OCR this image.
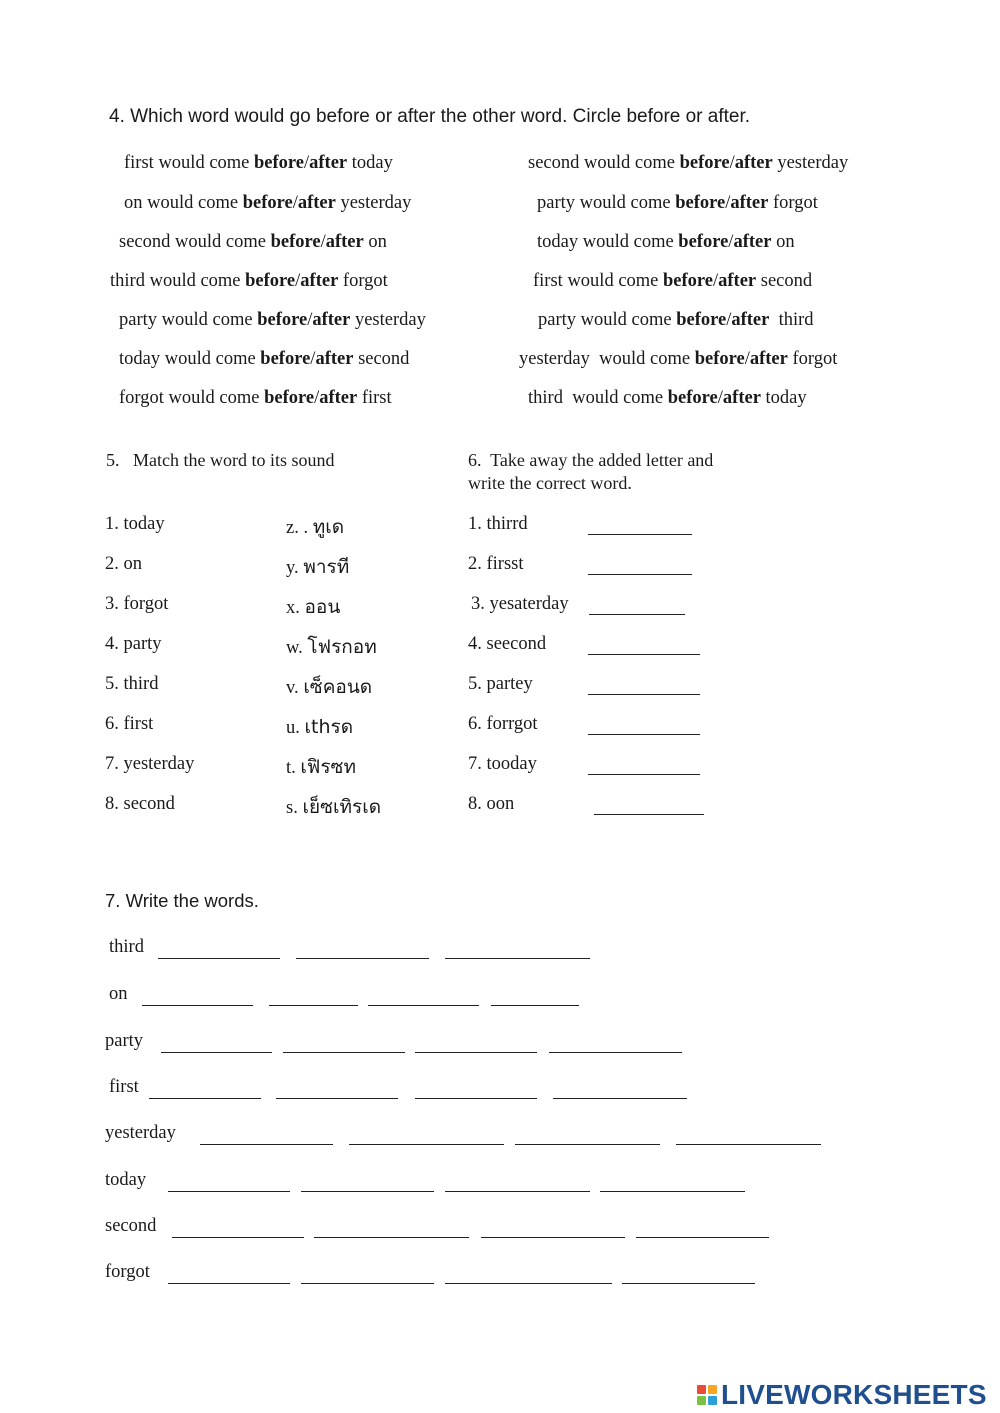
4. Which word would go before or after the other word. Circle before or after.
first would come before/after today
on would come before/after yesterday
second would come before/after on
third would come before/after forgot
party would come before/after yesterday
today would come before/after second
forgot would come before/after first
second would come before/after yesterday
party would come before/after forgot
today would come before/after on
first would come before/after second
party would come before/after  third
yesterday  would come before/after forgot
third  would come before/after today
5.   Match the word to its sound
1. today
2. on
3. forgot
4. party
5. third
6. first
7. yesterday
8. second
z. . ทูเด
y. พารที
x. ออน
w. โฟรกอท
v. เซ็คอนด
u. เthรด
t. เฟิรซท
s. เย็ซเทิรเด
6.  Take away the added letter and
write the correct word.
1. thirrd
2. firsst
3. yesaterday
4. seecond
5. partey
6. forrgot
7. tooday
8. oon
7. Write the words.
third
on
party
first
yesterday
today
second
forgot
LIVEWORKSHEETS
